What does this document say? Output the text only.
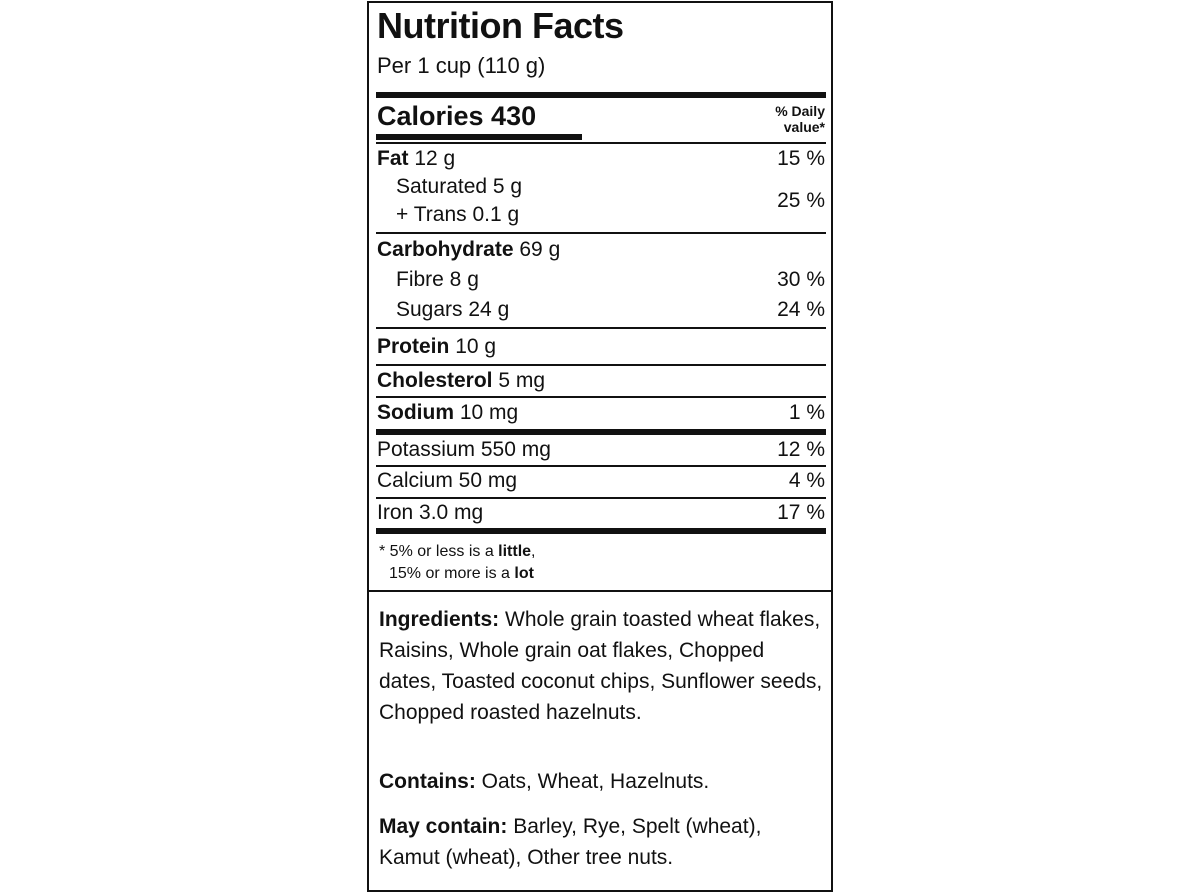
Nutrition Facts
Per 1 cup (110 g)
Calories 430	% Daily
value*
Fat 12 g	15 %
Saturated 5 g
+ Trans 0.1 g
25 %
Carbohydrate 69 g
Fibre 8 g	30 %
Sugars 24 g	24 %
Protein 10 g
Cholesterol 5 mg
Sodium 10 mg	1 %
Potassium 550 mg	12 %
Calcium 50 mg	4 %
Iron 3.0 mg	17 %
* 5% or less is a little,
15% or more is a lot
Ingredients: Whole grain toasted wheat flakes, Raisins, Whole grain oat flakes, Chopped dates, Toasted coconut chips, Sunflower seeds, Chopped roasted hazelnuts.
Contains: Oats, Wheat, Hazelnuts.
May contain: Barley, Rye, Spelt (wheat), Kamut (wheat), Other tree nuts.
